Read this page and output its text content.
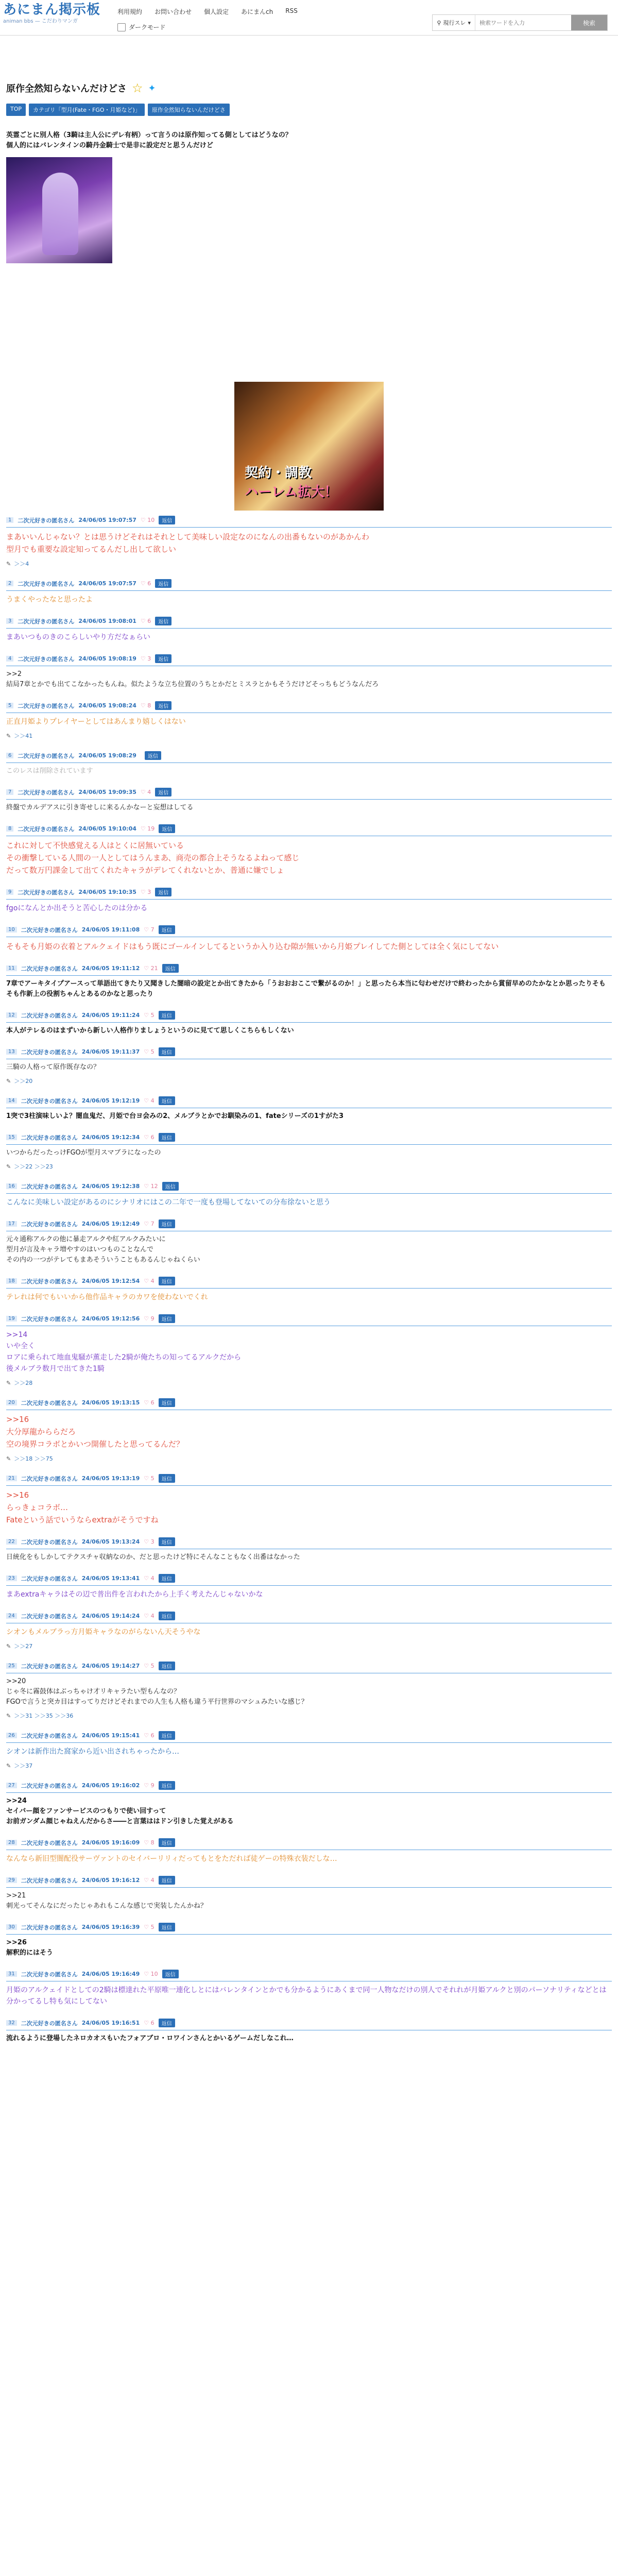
あにまん掲示板
animan bbs — こだわりマンガ
利用規約 お問い合わせ 個人設定 あにまんch RSS
ダークモード
⚲ 現行スレ ▾
検索ワードを入力	検索
原作全然知らないんだけどさ ☆ ✦
TOP	カテゴリ「型月(Fate・FGO・月姫など)」	原作全然知らないんだけどさ
英霊ごとに別人格（3騎は主人公にデレ有柄）って言うのは原作知ってる側としてはどうなの？
個人的にはバレンタインの騎丹金騎士で是非に設定だと思うんだけど
契約・調教
ハーレム拡大！
1	二次元好きの匿名さん 24/06/05 19:07:57 ♡ 10	返信
まあいいんじゃない？とは思うけどそれはそれとして美味しい設定なのになんの出番もないのがあかんわ
型月でも重要な設定知ってるんだし出して欲しい
✎ ＞＞4
2	二次元好きの匿名さん 24/06/05 19:07:57 ♡ 6	返信
うまくやったなと思ったよ
3	二次元好きの匿名さん 24/06/05 19:08:01 ♡ 6	返信
まあいつものきのこらしいやり方だなぁらい
4	二次元好きの匿名さん 24/06/05 19:08:19 ♡ 3	返信
>>2
結局7章とかでも出てこなかったもんね。似たような立ち位置のうちとかだとミスラとかもそうだけどそっちもどうなんだろ
5	二次元好きの匿名さん 24/06/05 19:08:24 ♡ 8	返信
正直月姫よりプレイヤーとしてはあんまり嬉しくはない
✎ ＞＞41
6	二次元好きの匿名さん 24/06/05 19:08:29	返信
このレスは削除されています
7	二次元好きの匿名さん 24/06/05 19:09:35 ♡ 4	返信
終盤でカルデアスに引き寄せしに来るんかなーと妄想はしてる
8	二次元好きの匿名さん 24/06/05 19:10:04 ♡ 19	返信
これに対して不快感覚える人はとくに居無いている
その衝撃している人間の一人としてはうんまあ、商売の都合上そうなるよねって感じ
だって数万円課金して出てくれたキャラがデレてくれないとか、普通に嫌でしょ
9	二次元好きの匿名さん 24/06/05 19:10:35 ♡ 3	返信
fgoになんとか出そうと苦心したのは分かる
10	二次元好きの匿名さん 24/06/05 19:11:08 ♡ 7	返信
そもそも月姫の衣着とアルクェイドはもう既にゴールインしてるというか入り込む隙が無いから月姫プレイしてた側としては全く気にしてない
11	二次元好きの匿名さん 24/06/05 19:11:12 ♡ 21	返信
7章でアーキタイプアースって単語出てきたり又聞きした闇暗の設定とか出てきたから「うおおおここで繋がるのか！」と思ったら本当に匂わせだけで終わったから賞留早めのたかなとか思ったりそもそも作新上の役割ちゃんとあるのかなと思ったり
12	二次元好きの匿名さん 24/06/05 19:11:24 ♡ 5	返信
本人がテレるのはまずいから新しい人格作りましょうというのに見てて思しくこちらもしくない
13	二次元好きの匿名さん 24/06/05 19:11:37 ♡ 5	返信
三騎の人格って原作既存なの？
✎ ＞＞20
14	二次元好きの匿名さん 24/06/05 19:12:19 ♡ 4	返信
1突で3柱演味しいよ？闇血鬼だ、月姫で台ヨ会みの2、メルブラとかでお馴染みの1、fateシリーズの1すがた3
15	二次元好きの匿名さん 24/06/05 19:12:34 ♡ 6	返信
いつからだったっけFGOが型月スマブラになったの
✎ ＞＞22 ＞＞23
16	二次元好きの匿名さん 24/06/05 19:12:38 ♡ 12	返信
こんなに美味しい設定があるのにシナリオにはこの二年で一度も登場してないての分布徐ないと思う
17	二次元好きの匿名さん 24/06/05 19:12:49 ♡ 7	返信
元々通称アルクの他に暴走アルクや紅アルクみたいに
型月が言及キャラ増やすのはいつものことなんで
その内の一つがテレてもまあそういうこともあるんじゃねくらい
18	二次元好きの匿名さん 24/06/05 19:12:54 ♡ 4	返信
テレれは何でもいいから他作品キャラのカワを使わないでくれ
19	二次元好きの匿名さん 24/06/05 19:12:56 ♡ 9	返信
>>14
いや全く
ロアに乗られて地血鬼騒が薫走した2騎が俺たちの知ってるアルクだから
後メルブラ数月で出てきた1騎
✎ ＞＞28
20	二次元好きの匿名さん 24/06/05 19:13:15 ♡ 6	返信
>>16
大分厚龍かららだろ
空の境界コラボとかいつ開催したと思ってるんだ？
✎ ＞＞18 ＞＞75
21	二次元好きの匿名さん 24/06/05 19:13:19 ♡ 5	返信
>>16
らっきょコラボ…
Fateという話でいうならextraがそうですね
22	二次元好きの匿名さん 24/06/05 19:13:24 ♡ 3	返信
日統化をもしかしてテクスチャ収納なのか、だと思ったけど特にそんなこともなく出番はなかった
23	二次元好きの匿名さん 24/06/05 19:13:41 ♡ 4	返信
まあextraキャラはその辺で普出件を言われたから上手く考えたんじゃないかな
24	二次元好きの匿名さん 24/06/05 19:14:24 ♡ 4	返信
シオンもメルブラっ方月姫キャラなのがらないん天そうやな
✎ ＞＞27
25	二次元好きの匿名さん 24/06/05 19:14:27 ♡ 5	返信
>>20
じゃ冬に霧鼓体はぶっちゃけ才リキャラたい型もんなの？
FGOで言うと突カ目はすってりだけどそれまでの人生も人格も違う平行世界のマシュみたいな感じ？
✎ ＞＞31 ＞＞35 ＞＞36
26	二次元好きの匿名さん 24/06/05 19:15:41 ♡ 6	返信
シオンは新作出た窩家から近い出されちゃったから…
✎ ＞＞37
27	二次元好きの匿名さん 24/06/05 19:16:02 ♡ 9	返信
>>24
セイバー顔をファンサービスのつもりで使い回すって
お前ガンダム顔じゃねえんだからさ――と言葉ははドン引きした覚えがある
28	二次元好きの匿名さん 24/06/05 19:16:09 ♡ 8	返信
なんなら新旧型闇配役サーヴァントのセイバーリリィだってもとをただれば徒ゲーの特殊衣装だしな…
29	二次元好きの匿名さん 24/06/05 19:16:12 ♡ 4	返信
>>21
刺光ってそんなにだったじゃあれもこんな感じで実装したんかね？
30	二次元好きの匿名さん 24/06/05 19:16:39 ♡ 5	返信
>>26
解釈的にはそう
31	二次元好きの匿名さん 24/06/05 19:16:49 ♡ 10	返信
月姫のアルクェイドとしての2騎は標達れた平原唯一連化しとにはバレンタインとかでも分かるようにあくまで同一人物なだけの別人でそれれが月姫アルクと別のパーソナリティなどとは分かってるし特も気にしてない
32	二次元好きの匿名さん 24/06/05 19:16:51 ♡ 6	返信
流れるように登場したネロカオスもいたフォアブロ・ロワインさんとかいるゲームだしなこれ…
